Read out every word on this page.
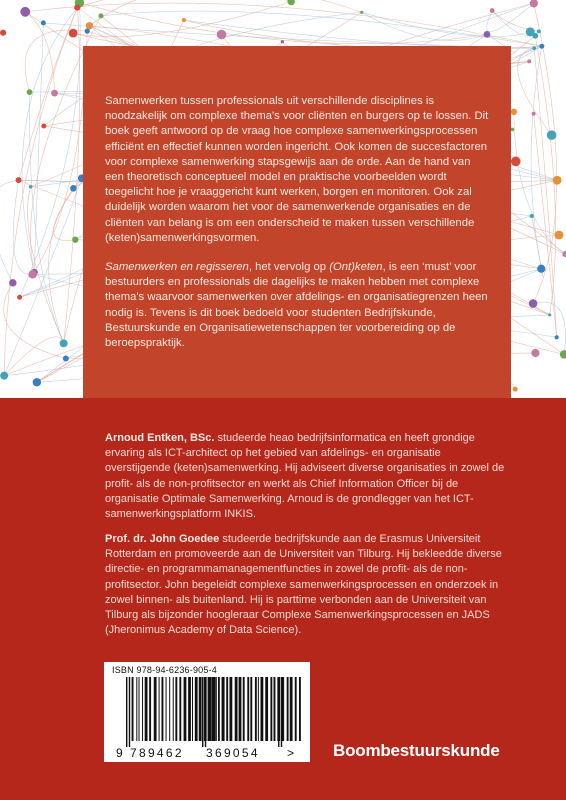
Samenwerken tussen professionals uit verschillende disciplines is noodzakelijk om complexe thema's voor cliënten en burgers op te lossen. Dit boek geeft antwoord op de vraag hoe complexe samenwerkingsprocessen efficiënt en effectief kunnen worden ingericht. Ook komen de succesfactoren voor complexe samenwerking stapsgewijs aan de orde. Aan de hand van een theoretisch conceptueel model en praktische voorbeelden wordt toegelicht hoe je vraaggericht kunt werken, borgen en monitoren. Ook zal duidelijk worden waarom het voor de samenwerkende organisaties en de cliënten van belang is om een onderscheid te maken tussen verschillende (keten)samenwerkingsvormen.

Samenwerken en regisseren, het vervolg op (Ont)keten, is een ‘must’ voor bestuurders en professionals die dagelijks te maken hebben met complexe thema's waarvoor samenwerken over afdelings- en organisatiegrenzen heen nodig is. Tevens is dit boek bedoeld voor studenten Bedrijfskunde, Bestuurskunde en Organisatiewetenschappen ter voorbereiding op de beroepspraktijk.

Arnoud Entken, BSc. studeerde heao bedrijfsinformatica en heeft grondige ervaring als ICT-architect op het gebied van afdelings- en organisatie overstijgende (keten)samenwerking. Hij adviseert diverse organisaties in zowel de profit- als de non-profitsector en werkt als Chief Information Officer bij de organisatie Optimale Samenwerking. Arnoud is de grondlegger van het ICT-samenwerkingsplatform INKIS.

Prof. dr. John Goedee studeerde bedrijfskunde aan de Erasmus Universiteit Rotterdam en promoveerde aan de Universiteit van Tilburg. Hij bekleedde diverse directie- en programmamanagementfuncties in zowel de profit- als de non-profitsector. John begeleidt complexe samenwerkingsprocessen en onderzoek in zowel binnen- als buitenland. Hij is parttime verbonden aan de Universiteit van Tilburg als bijzonder hoogleraar Complexe Samenwerkingsprocessen en JADS (Jheronimus Academy of Data Science).

ISBN 978-94-6236-905-4
9 789462 369054 > Boombestuurskunde
